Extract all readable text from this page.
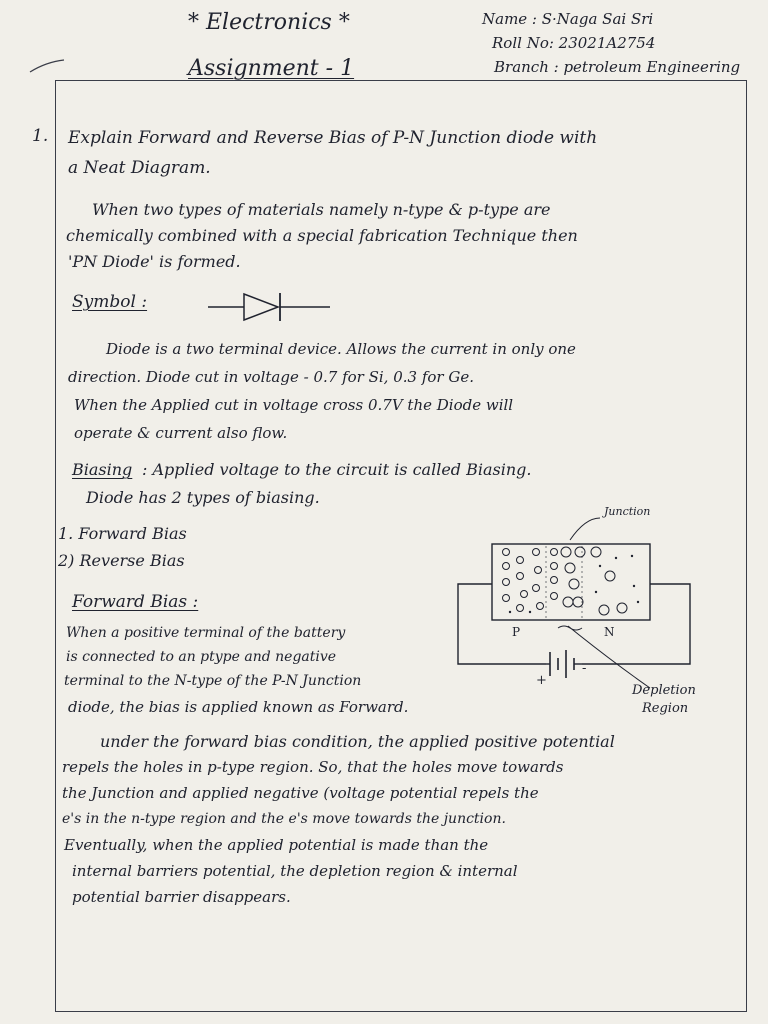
* Electronics *	Name : S·Naga Sai Sri
Roll No: 23021A2754
Branch : petroleum Engineering
Assignment - 1
1. Explain Forward and Reverse Bias of P-N Junction diode with
a Neat Diagram.
When two types of materials namely n-type & p-type are
chemically combined with a special fabrication Technique then
'PN Diode' is formed.
Symbol :
Diode is a two terminal device. Allows the current in only one
direction. Diode cut in voltage - 0.7 for Si, 0.3 for Ge.
When the Applied cut in voltage cross 0.7V the Diode will
operate & current also flow.
Biasing : Applied voltage to the circuit is called Biasing.
Diode has 2 types of biasing.
1. Forward Bias
2) Reverse Bias
Forward Bias :
When a positive terminal of the battery
is connected to an ptype and negative
terminal to the N-type of the P-N Junction
diode, the bias is applied known as Forward.
Junction
P	N
+
-
Depletion
Region
under the forward bias condition, the applied positive potential
repels the holes in p-type region. So, that the holes move towards
the Junction and applied negative (voltage potential repels the
e's in the n-type region and the e's move towards the junction.
Eventually, when the applied potential is made than the
internal barriers potential, the depletion region & internal
potential barrier disappears.
